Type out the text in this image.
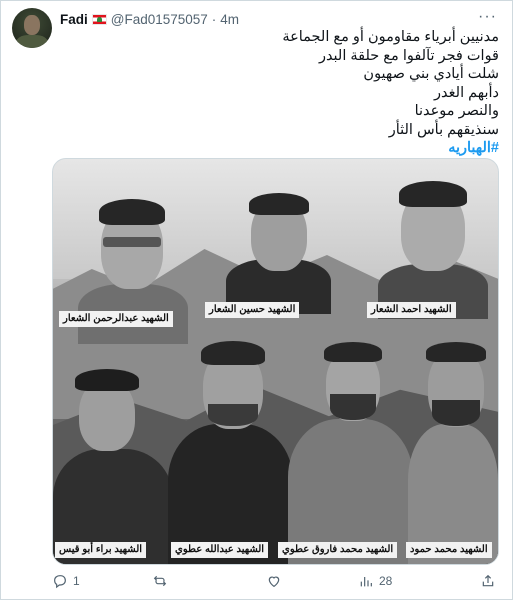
Fadi @Fad01575057 · 4m	···
مدنيين أبرياء مقاومون أو مع الجماعة
قوات فجر تآلفوا مع حلقة البدر
شلت أيادي بني صهيون
دأبهم الغدر
والنصر موعدنا
سنذيقهم بأس الثأر
#الهباريه
الشهيد عبدالرحمن الشعار
الشهيد حسين الشعار	الشهيد احمد الشعار
الشهيد براء أبو قيس	الشهيد عبدالله عطوي	الشهيد محمد فاروق عطوي	الشهيد محمد حمود
1	28
